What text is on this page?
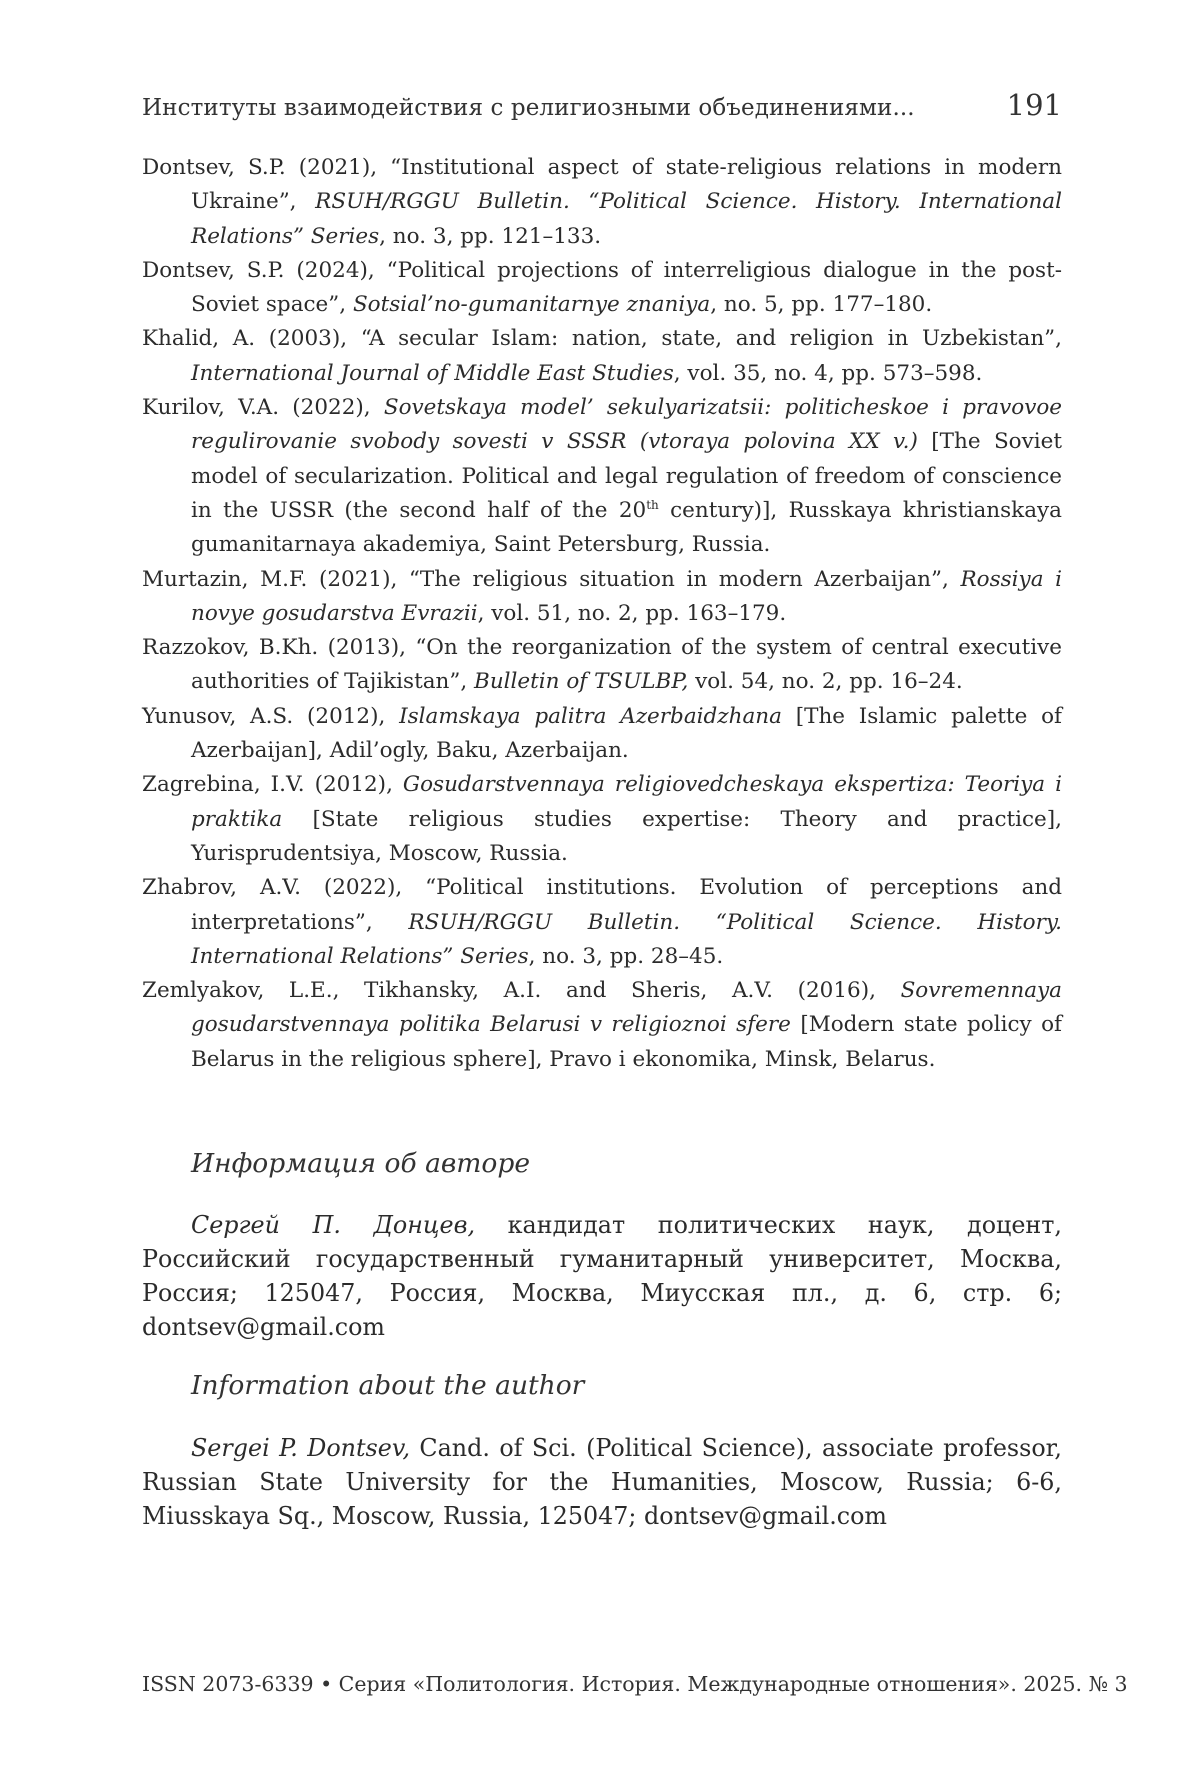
Институты взаимодействия с религиозными объединениями...	191

Dontsev, S.P. (2021), “Institutional aspect of state-religious relations in modern Ukraine”, RSUH/RGGU Bulletin. “Political Science. History. International Relations” Series, no. 3, pp. 121–133.

Dontsev, S.P. (2024), “Political projections of interreligious dialogue in the post-Soviet space”, Sotsial’no-gumanitarnye znaniya, no. 5, pp. 177–180.

Khalid, A. (2003), “A secular Islam: nation, state, and religion in Uzbekistan”, International Journal of Middle East Studies, vol. 35, no. 4, pp. 573–598.

Kurilov, V.A. (2022), Sovetskaya model’ sekulyarizatsii: politicheskoe i pravovoe regulirovanie svobody sovesti v SSSR (vtoraya polovina XX v.) [The Soviet model of secularization. Political and legal regulation of freedom of conscience in the USSR (the second half of the 20th century)], Russkaya khristianskaya gumanitarnaya akademiya, Saint Petersburg, Russia.

Murtazin, M.F. (2021), “The religious situation in modern Azerbaijan”, Rossiya i novye gosudarstva Evrazii, vol. 51, no. 2, pp. 163–179.

Razzokov, B.Kh. (2013), “On the reorganization of the system of central executive authorities of Tajikistan”, Bulletin of TSULBP, vol. 54, no. 2, pp. 16–24.

Yunusov, A.S. (2012), Islamskaya palitra Azerbaidzhana [The Islamic palette of Azerbaijan], Adil’ogly, Baku, Azerbaijan.

Zagrebina, I.V. (2012), Gosudarstvennaya religiovedcheskaya ekspertiza: Teoriya i praktika [State religious studies expertise: Theory and practice], Yurisprudentsiya, Moscow, Russia.

Zhabrov, A.V. (2022), “Political institutions. Evolution of perceptions and interpretations”, RSUH/RGGU Bulletin. “Political Science. History. International Relations” Series, no. 3, pp. 28–45.

Zemlyakov, L.E., Tikhansky, A.I. and Sheris, A.V. (2016), Sovremennaya gosudarstvennaya politika Belarusi v religioznoi sfere [Modern state policy of Belarus in the religious sphere], Pravo i ekonomika, Minsk, Belarus.

Информация об авторе

Сергей П. Донцев, кандидат политических наук, доцент, Российский государственный гуманитарный университет, Москва, Россия; 125047, Россия, Москва, Миусская пл., д. 6, стр. 6; dontsev@gmail.com

Information about the author

Sergei P. Dontsev, Cand. of Sci. (Political Science), associate professor, Russian State University for the Humanities, Moscow, Russia; 6-6, Miusskaya Sq., Moscow, Russia, 125047; dontsev@gmail.com

ISSN 2073-6339 • Серия «Политология. История. Международные отношения». 2025. № 3
